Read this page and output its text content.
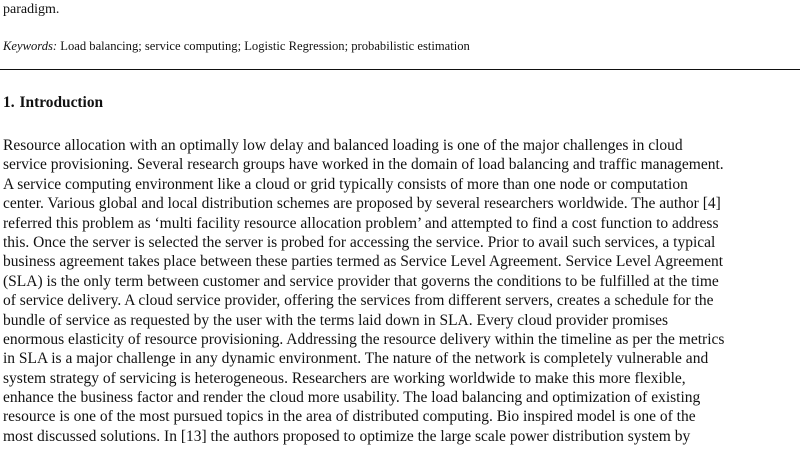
paradigm.
Keywords: Load balancing; service computing; Logistic Regression; probabilistic estimation
1. Introduction
Resource allocation with an optimally low delay and balanced loading is one of the major challenges in cloud
service provisioning. Several research groups have worked in the domain of load balancing and traffic management.
A service computing environment like a cloud or grid typically consists of more than one node or computation
center. Various global and local distribution schemes are proposed by several researchers worldwide. The author [4]
referred this problem as ‘multi facility resource allocation problem’ and attempted to find a cost function to address
this. Once the server is selected the server is probed for accessing the service. Prior to avail such services, a typical
business agreement takes place between these parties termed as Service Level Agreement. Service Level Agreement
(SLA) is the only term between customer and service provider that governs the conditions to be fulfilled at the time
of service delivery. A cloud service provider, offering the services from different servers, creates a schedule for the
bundle of service as requested by the user with the terms laid down in SLA. Every cloud provider promises
enormous elasticity of resource provisioning. Addressing the resource delivery within the timeline as per the metrics
in SLA is a major challenge in any dynamic environment. The nature of the network is completely vulnerable and
system strategy of servicing is heterogeneous. Researchers are working worldwide to make this more flexible,
enhance the business factor and render the cloud more usability. The load balancing and optimization of existing
resource is one of the most pursued topics in the area of distributed computing. Bio inspired model is one of the
most discussed solutions. In [13] the authors proposed to optimize the large scale power distribution system by
